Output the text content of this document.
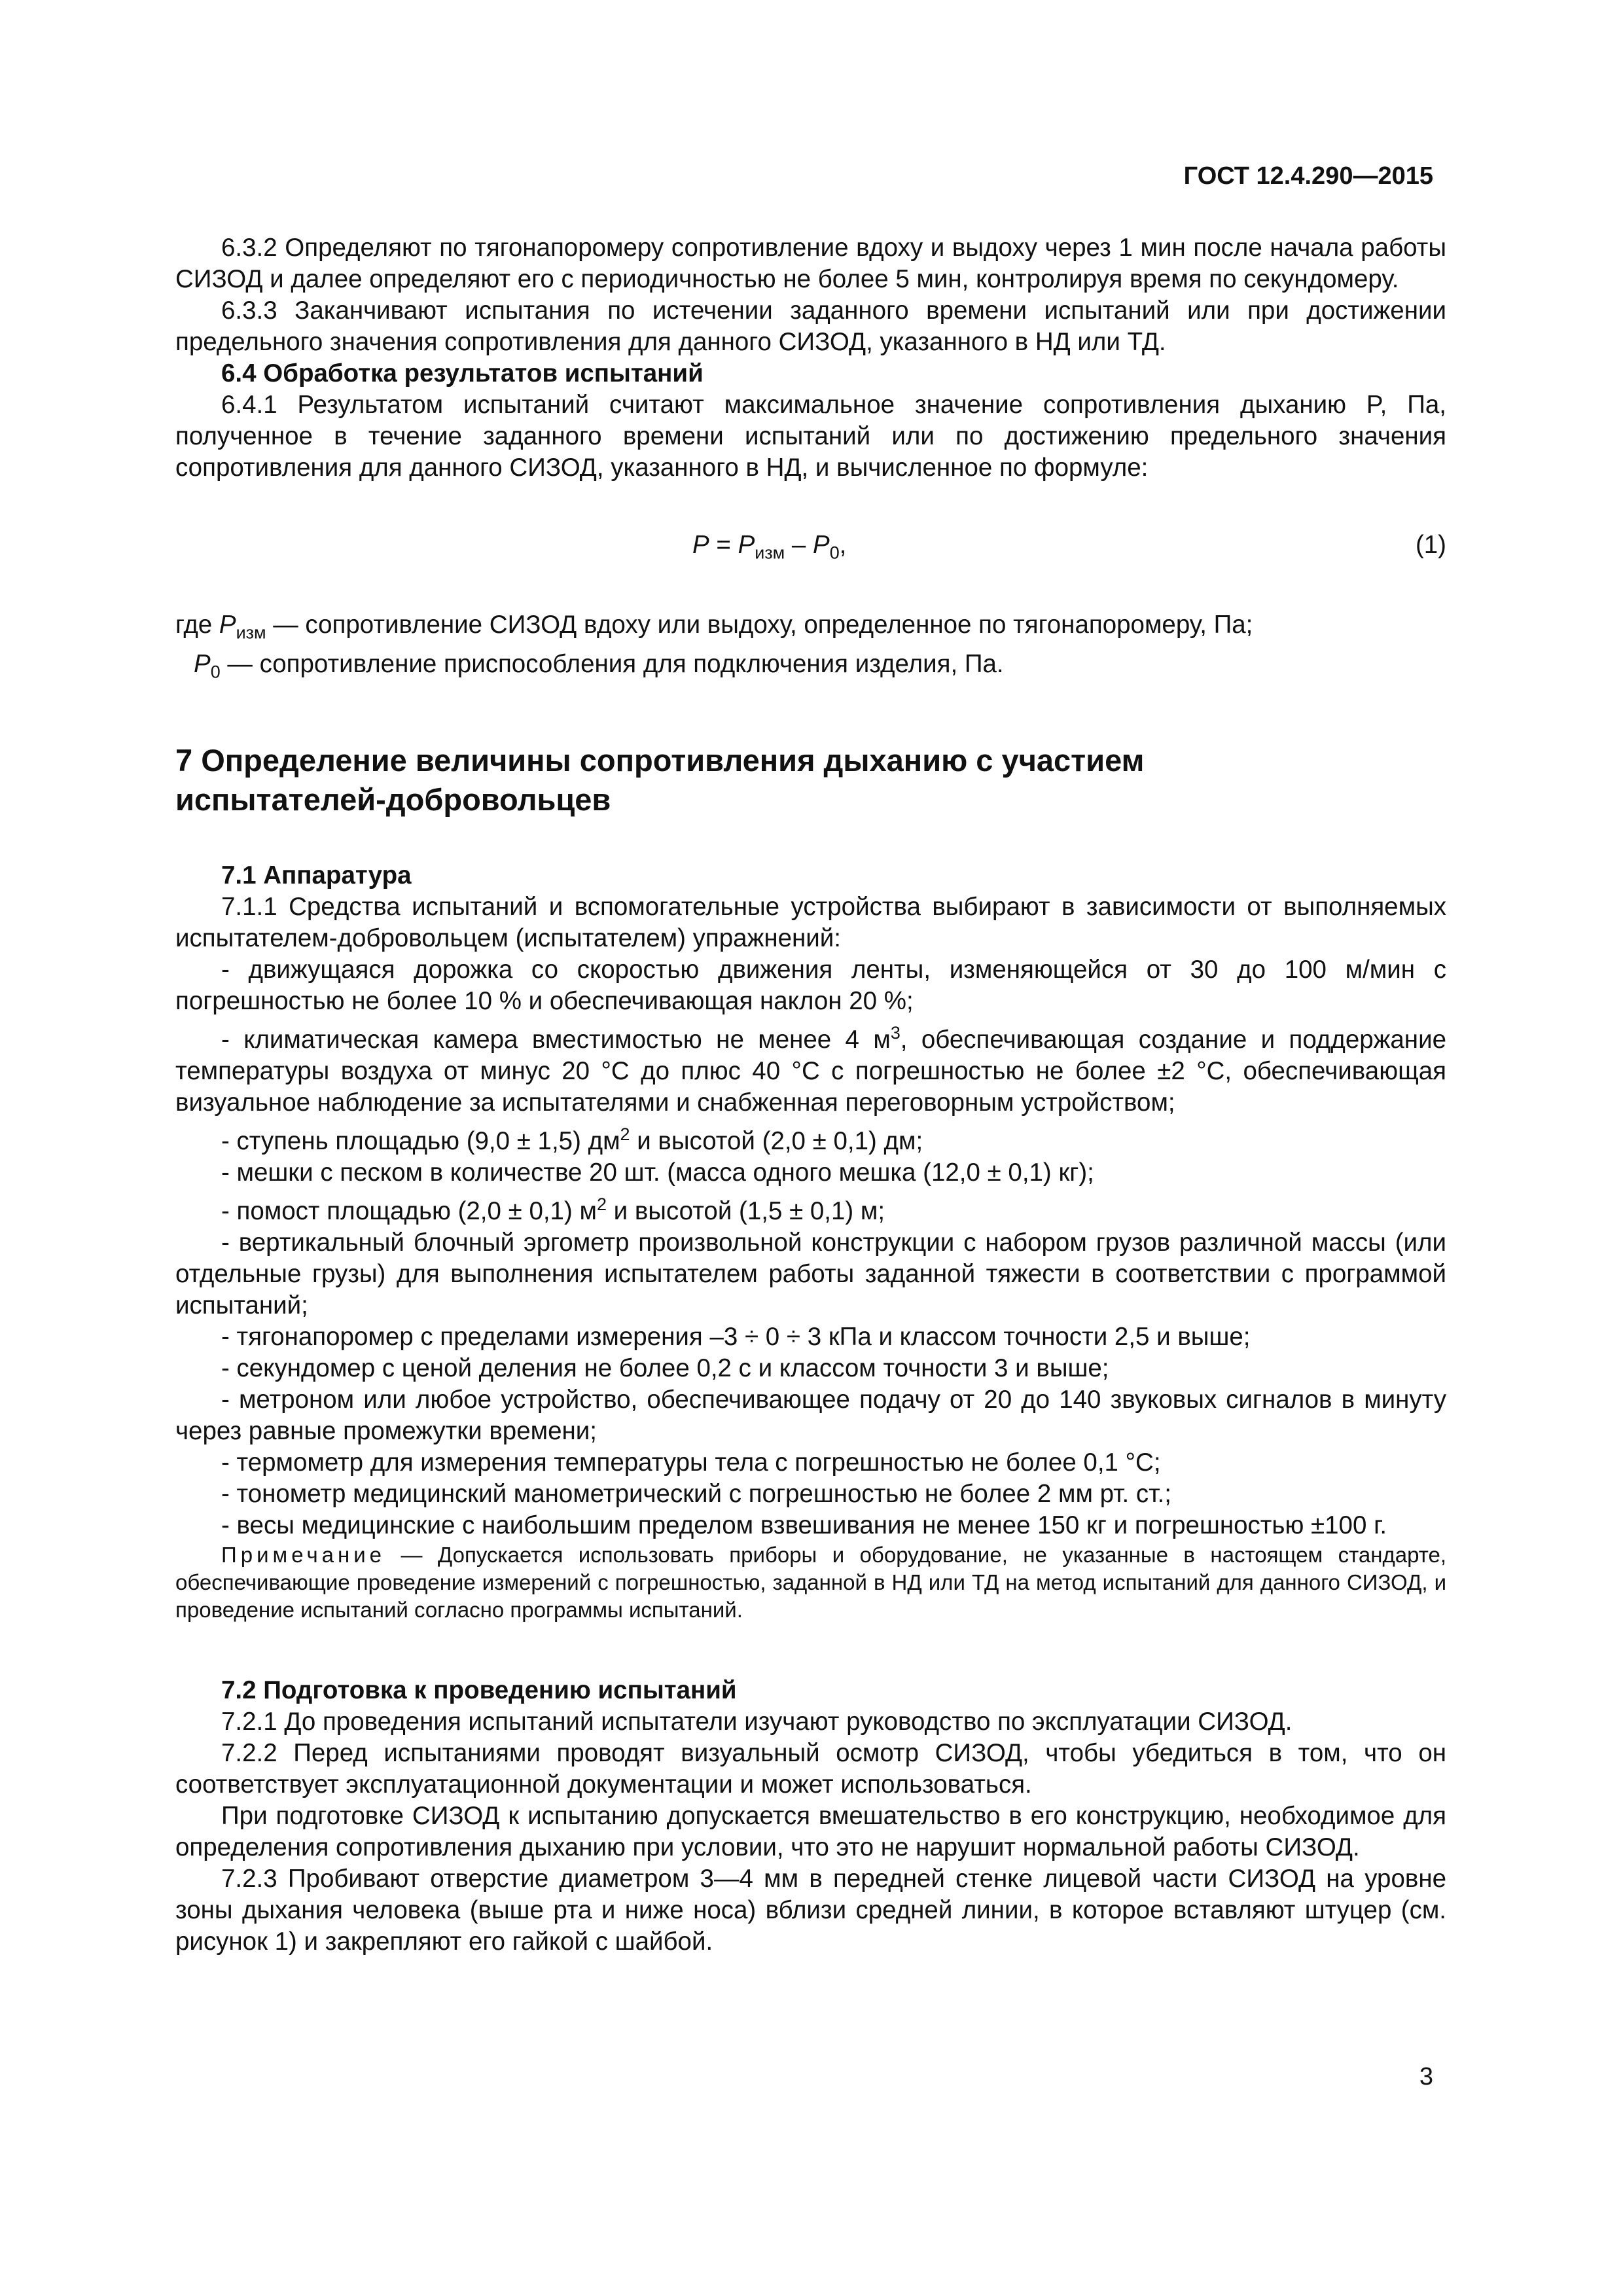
ГОСТ 12.4.290—2015

6.3.2 Определяют по тягонапоромеру сопротивление вдоху и выдоху через 1 мин после начала работы СИЗОД и далее определяют его с периодичностью не более 5 мин, контролируя время по секундомеру.

6.3.3 Заканчивают испытания по истечении заданного времени испытаний или при достижении предельного значения сопротивления для данного СИЗОД, указанного в НД или ТД.

6.4 Обработка результатов испытаний

6.4.1 Результатом испытаний считают максимальное значение сопротивления дыханию P, Па, полученное в течение заданного времени испытаний или по достижению предельного значения сопротивления для данного СИЗОД, указанного в НД, и вычисленное по формуле:

$P = P_{изм} - P_0$,	(1)

где $P_{изм}$ — сопротивление СИЗОД вдоху или выдоху, определенное по тягонапоромеру, Па;

$P_0$ — сопротивление приспособления для подключения изделия, Па.

7 Определение величины сопротивления дыханию с участием
испытателей-добровольцев

7.1 Аппаратура

7.1.1 Средства испытаний и вспомогательные устройства выбирают в зависимости от выполняемых испытателем-добровольцем (испытателем) упражнений:

- движущаяся дорожка со скоростью движения ленты, изменяющейся от 30 до 100 м/мин с погрешностью не более 10 % и обеспечивающая наклон 20 %;

- климатическая камера вместимостью не менее 4 $м^3$, обеспечивающая создание и поддержание температуры воздуха от минус 20 °С до плюс 40 °С с погрешностью не более ±2 °С, обеспечивающая визуальное наблюдение за испытателями и снабженная переговорным устройством;

- ступень площадью (9,0 ± 1,5) $дм^2$ и высотой (2,0 ± 0,1) дм;

- мешки с песком в количестве 20 шт. (масса одного мешка (12,0 ± 0,1) кг);

- помост площадью (2,0 ± 0,1) $м^2$ и высотой (1,5 ± 0,1) м;

- вертикальный блочный эргометр произвольной конструкции с набором грузов различной массы (или отдельные грузы) для выполнения испытателем работы заданной тяжести в соответствии с программой испытаний;

- тягонапоромер с пределами измерения –3 ÷ 0 ÷ 3 кПа и классом точности 2,5 и выше;

- секундомер с ценой деления не более 0,2 с и классом точности 3 и выше;

- метроном или любое устройство, обеспечивающее подачу от 20 до 140 звуковых сигналов в минуту через равные промежутки времени;

- термометр для измерения температуры тела с погрешностью не более 0,1 °С;

- тонометр медицинский манометрический с погрешностью не более 2 мм рт. ст.;

- весы медицинские с наибольшим пределом взвешивания не менее 150 кг и погрешностью ±100 г.

Примечание — Допускается использовать приборы и оборудование, не указанные в настоящем стандарте, обеспечивающие проведение измерений с погрешностью, заданной в НД или ТД на метод испытаний для данного СИЗОД, и проведение испытаний согласно программы испытаний.

7.2 Подготовка к проведению испытаний

7.2.1 До проведения испытаний испытатели изучают руководство по эксплуатации СИЗОД.

7.2.2 Перед испытаниями проводят визуальный осмотр СИЗОД, чтобы убедиться в том, что он соответствует эксплуатационной документации и может использоваться.

При подготовке СИЗОД к испытанию допускается вмешательство в его конструкцию, необходимое для определения сопротивления дыханию при условии, что это не нарушит нормальной работы СИЗОД.

7.2.3 Пробивают отверстие диаметром 3—4 мм в передней стенке лицевой части СИЗОД на уровне зоны дыхания человека (выше рта и ниже носа) вблизи средней линии, в которое вставляют штуцер (см. рисунок 1) и закрепляют его гайкой с шайбой.

3
